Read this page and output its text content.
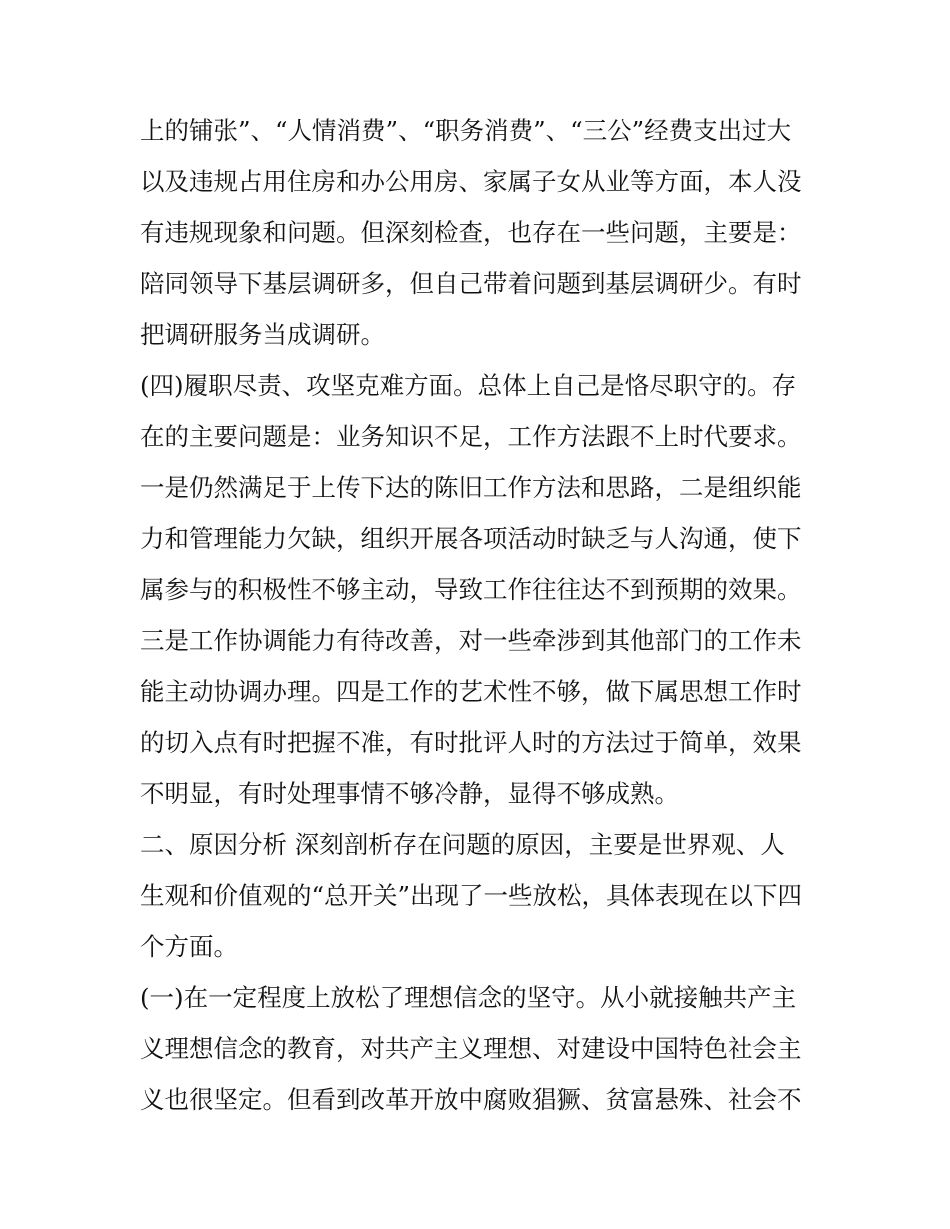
上的铺张”、“人情消费”、“职务消费”、“三公”经费支出过大
以及违规占用住房和办公用房、家属子女从业等方面，本人没
有违规现象和问题。但深刻检查，也存在一些问题，主要是：
陪同领导下基层调研多，但自己带着问题到基层调研少。有时
把调研服务当成调研。
(四)履职尽责、攻坚克难方面。总体上自己是恪尽职守的。存
在的主要问题是：业务知识不足，工作方法跟不上时代要求。
一是仍然满足于上传下达的陈旧工作方法和思路，二是组织能
力和管理能力欠缺，组织开展各项活动时缺乏与人沟通，使下
属参与的积极性不够主动，导致工作往往达不到预期的效果。
三是工作协调能力有待改善，对一些牵涉到其他部门的工作未
能主动协调办理。四是工作的艺术性不够，做下属思想工作时
的切入点有时把握不准，有时批评人时的方法过于简单，效果
不明显，有时处理事情不够冷静，显得不够成熟。
二、原因分析 深刻剖析存在问题的原因，主要是世界观、人
生观和价值观的“总开关”出现了一些放松，具体表现在以下四
个方面。
(一)在一定程度上放松了理想信念的坚守。从小就接触共产主
义理想信念的教育，对共产主义理想、对建设中国特色社会主
义也很坚定。但看到改革开放中腐败猖獗、贫富悬殊、社会不
